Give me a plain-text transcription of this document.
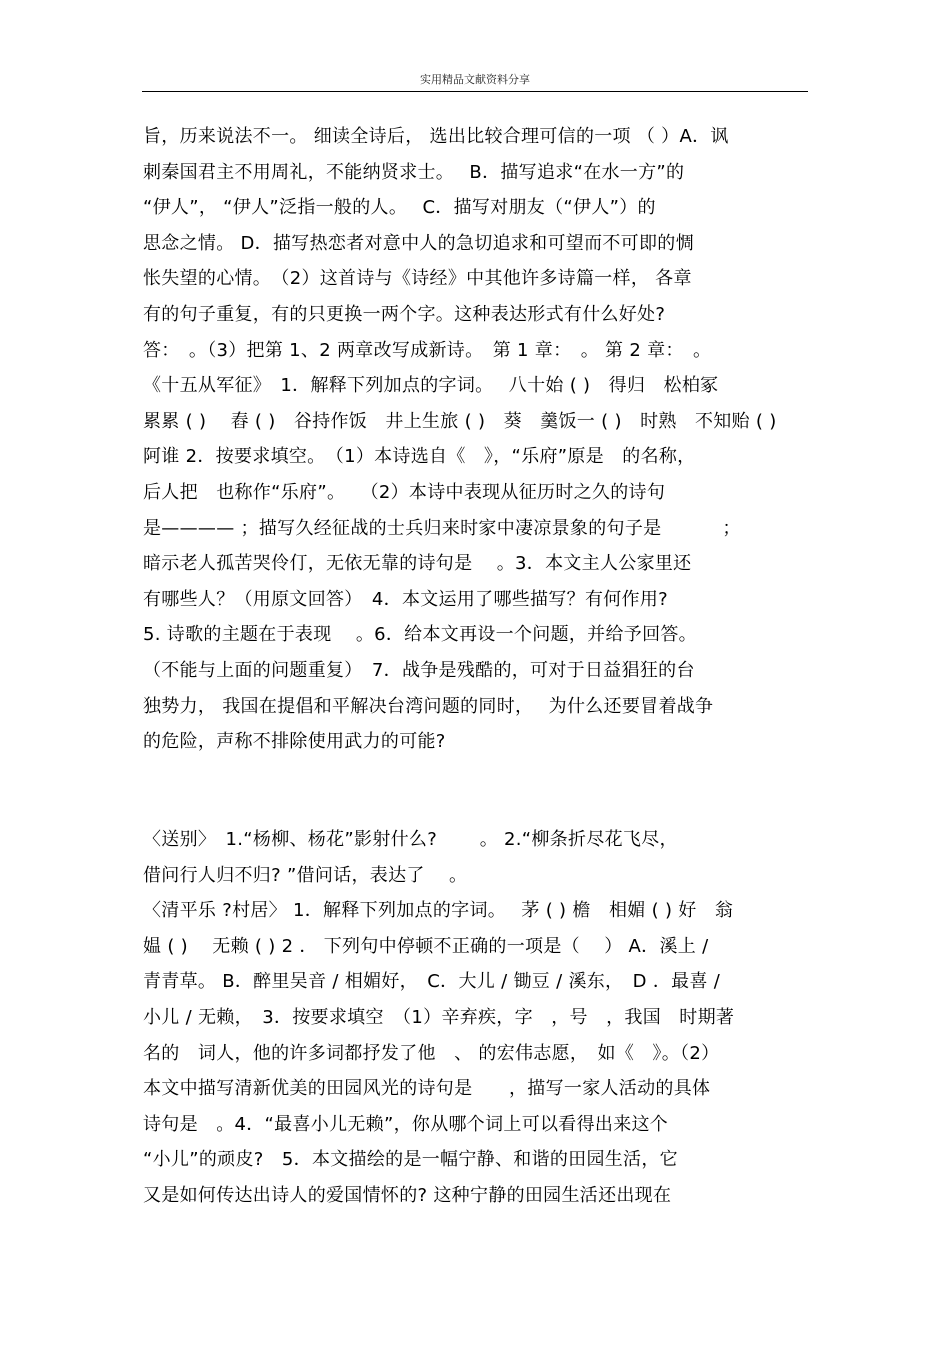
实用精品文献资料分享
旨，历来说法不一。 细读全诗后， 选出比较合理可信的一项 （ ）A．讽
刺秦国君主不用周礼，不能纳贤求士。　 B．描写追求“在水一方”的
“伊人”， “伊人”泛指一般的人。　 C．描写对朋友（“伊人”）的
思念之情。 D．描写热恋者对意中人的急切追求和可望而不可即的惆
怅失望的心情。　（2）这首诗与《诗经》中其他许多诗篇一样， 各章
有的句子重复，有的只更换一两个字。这种表达形式有什么好处?
答：　。（3）把第 1、2 两章改写成新诗。　第 1 章：　。 第 2 章：　。
《十五从军征》　1．解释下列加点的字词。　 八十始 ( )　得归　松柏冢
累累 ( )　 舂 ( )　谷持作饭　井上生旅 ( )　葵　羹饭一 ( )　时熟　不知贻 ( )
阿谁 2．按要求填空。　（1）本诗选自《　》，“乐府”原是　的名称，
后人把　也称作“乐府”。　 （2）本诗中表现从征历时之久的诗句
是———— ；描写久经征战的士兵归来时家中凄凉景象的句子是　　　 ；
暗示老人孤苦哭伶仃，无依无靠的诗句是　 。3．本文主人公家里还
有哪些人？（用原文回答）　4．本文运用了哪些描写？有何作用?
5. 诗歌的主题在于表现　 。6．给本文再设一个问题，并给予回答。
（不能与上面的问题重复）　7．战争是残酷的，可对于日益猖狂的台
独势力， 我国在提倡和平解决台湾问题的同时，　 为什么还要冒着战争
的危险，声称不排除使用武力的可能?
〈送别〉　1.“杨柳、杨花”影射什么?　　 。 2.“柳条折尽花飞尽，
借问行人归不归? ”借问话，表达了　 。
〈清平乐 ?村居〉 1．解释下列加点的字词。　 茅 ( ) 檐　相媚 ( ) 好　翁
媪 ( )　 无赖 ( ) 2 ． 下列句中停顿不正确的一项是（　 ） A．溪上 /
青青草。 B．醉里吴音 / 相媚好，　C．大儿 / 锄豆 / 溪东，　D ．最喜 /
小儿 / 无赖，　3．按要求填空　（1）辛弃疾，字　，号　，我国　时期著
名的　词人，他的许多词都抒发了他　、 的宏伟志愿，　如《　》。（2）
本文中描写清新优美的田园风光的诗句是　　，描写一家人活动的具体
诗句是　。4．“最喜小儿无赖”，你从哪个词上可以看得出来这个
“小儿”的顽皮?　5．本文描绘的是一幅宁静、和谐的田园生活，它
又是如何传达出诗人的爱国情怀的? 这种宁静的田园生活还出现在
